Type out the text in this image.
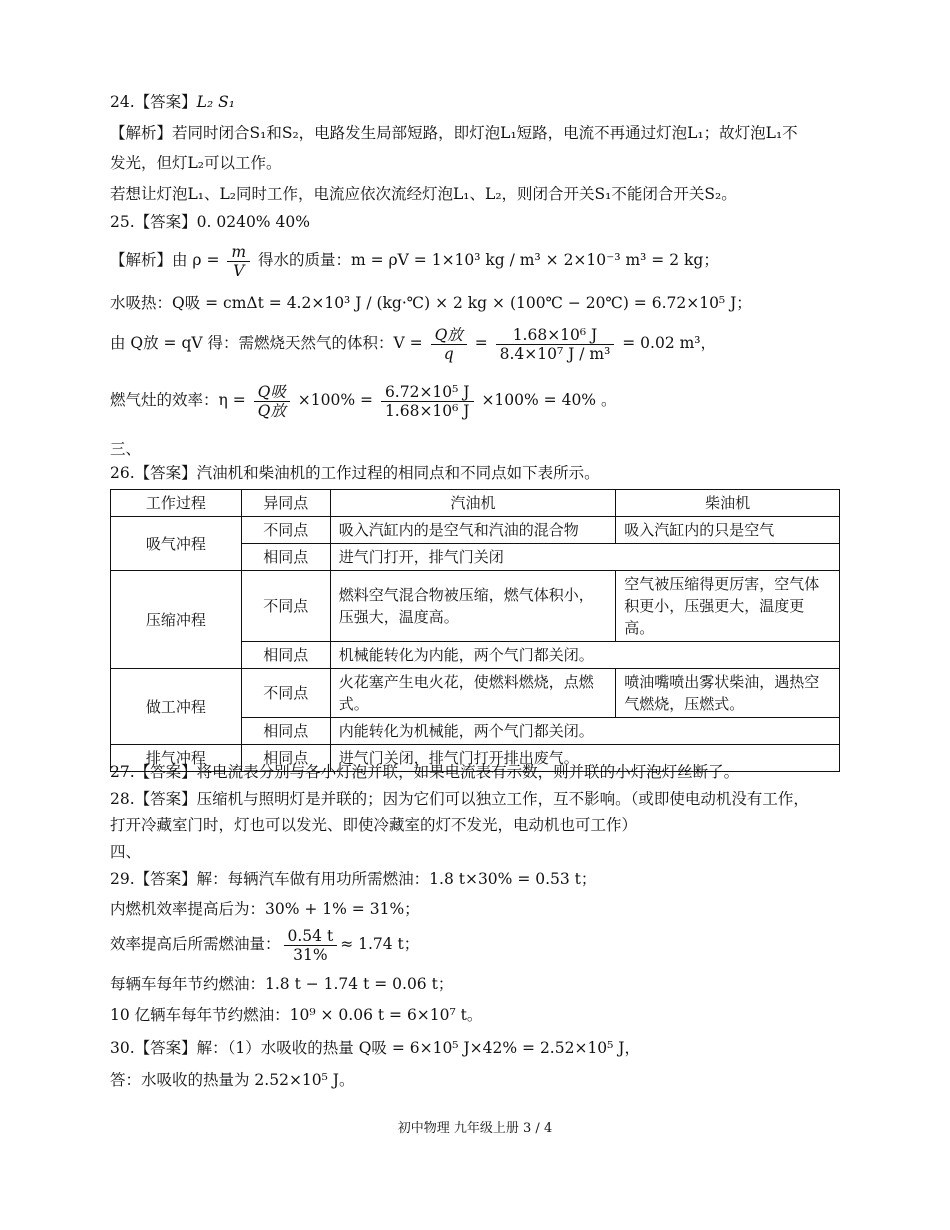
24.【答案】L₂ S₁
【解析】若同时闭合S₁和S₂，电路发生局部短路，即灯泡L₁短路，电流不再通过灯泡L₁；故灯泡L₁不
发光，但灯L₂可以工作。
若想让灯泡L₁、L₂同时工作，电流应依次流经灯泡L₁、L₂，则闭合开关S₁不能闭合开关S₂。
25.【答案】0. 0240% 40%
【解析】由 $\rho = \frac{m}{V}$ 得水的质量：m = ρV = 1×10³ kg / m³ × 2×10⁻³ m³ = 2 kg；
水吸热：Q吸 = cmΔt = 4.2×10³ J / (kg·℃) × 2 kg × (100℃ − 20℃) = 6.72×10⁵ J；
由 Q放 = qV 得：需燃烧天然气的体积：$V = \frac{\text{Q放}}{q} = \frac{\text{1.68×10⁶ J}}{\text{8.4×10⁷ J / m³}} = 0.02$ m³，
燃气灶的效率：$\eta = \frac{\text{Q吸}}{\text{Q放}} \times 100\% = \frac{\text{6.72×10⁵ J}}{\text{1.68×10⁶ J}} \times 100\% = 40\%$ 。
三、
26.【答案】汽油机和柴油机的工作过程的相同点和不同点如下表所示。
工作过程	异同点	汽油机	柴油机
吸气冲程	不同点	吸入汽缸内的是空气和汽油的混合物	吸入汽缸内的只是空气
	相同点	进气门打开，排气门关闭	
压缩冲程	不同点	燃料空气混合物被压缩，燃气体积小，压强大，温度高。	空气被压缩得更厉害，空气体积更小，压强更大，温度更高。
	相同点	机械能转化为内能，两个气门都关闭。	
做工冲程	不同点	火花塞产生电火花，使燃料燃烧，点燃式。	喷油嘴喷出雾状柴油，遇热空气燃烧，压燃式。
	相同点	内能转化为机械能，两个气门都关闭。	
排气冲程	相同点	进气门关闭，排气门打开排出废气。	
27.【答案】将电流表分别与各小灯泡并联，如果电流表有示数，则并联的小灯泡灯丝断了。
28.【答案】压缩机与照明灯是并联的；因为它们可以独立工作，互不影响。（或即使电动机没有工作，
打开冷藏室门时，灯也可以发光、即使冷藏室的灯不发光，电动机也可工作）
四、
29.【答案】解：每辆汽车做有用功所需燃油：1.8 t×30% = 0.53 t；
内燃机效率提高后为：30% + 1% = 31%；
效率提高后所需燃油量： $\frac{0.54 t}{31\%} \approx 1.74$ t；
每辆车每年节约燃油：1.8 t − 1.74 t = 0.06 t；
10 亿辆车每年节约燃油：10⁹ × 0.06 t = 6×10⁷ t。
30.【答案】解：（1）水吸收的热量 Q吸 = 6×10⁵ J×42% = 2.52×10⁵ J，
答：水吸收的热量为 2.52×10⁵ J。
初中物理 九年级上册 3 / 4
